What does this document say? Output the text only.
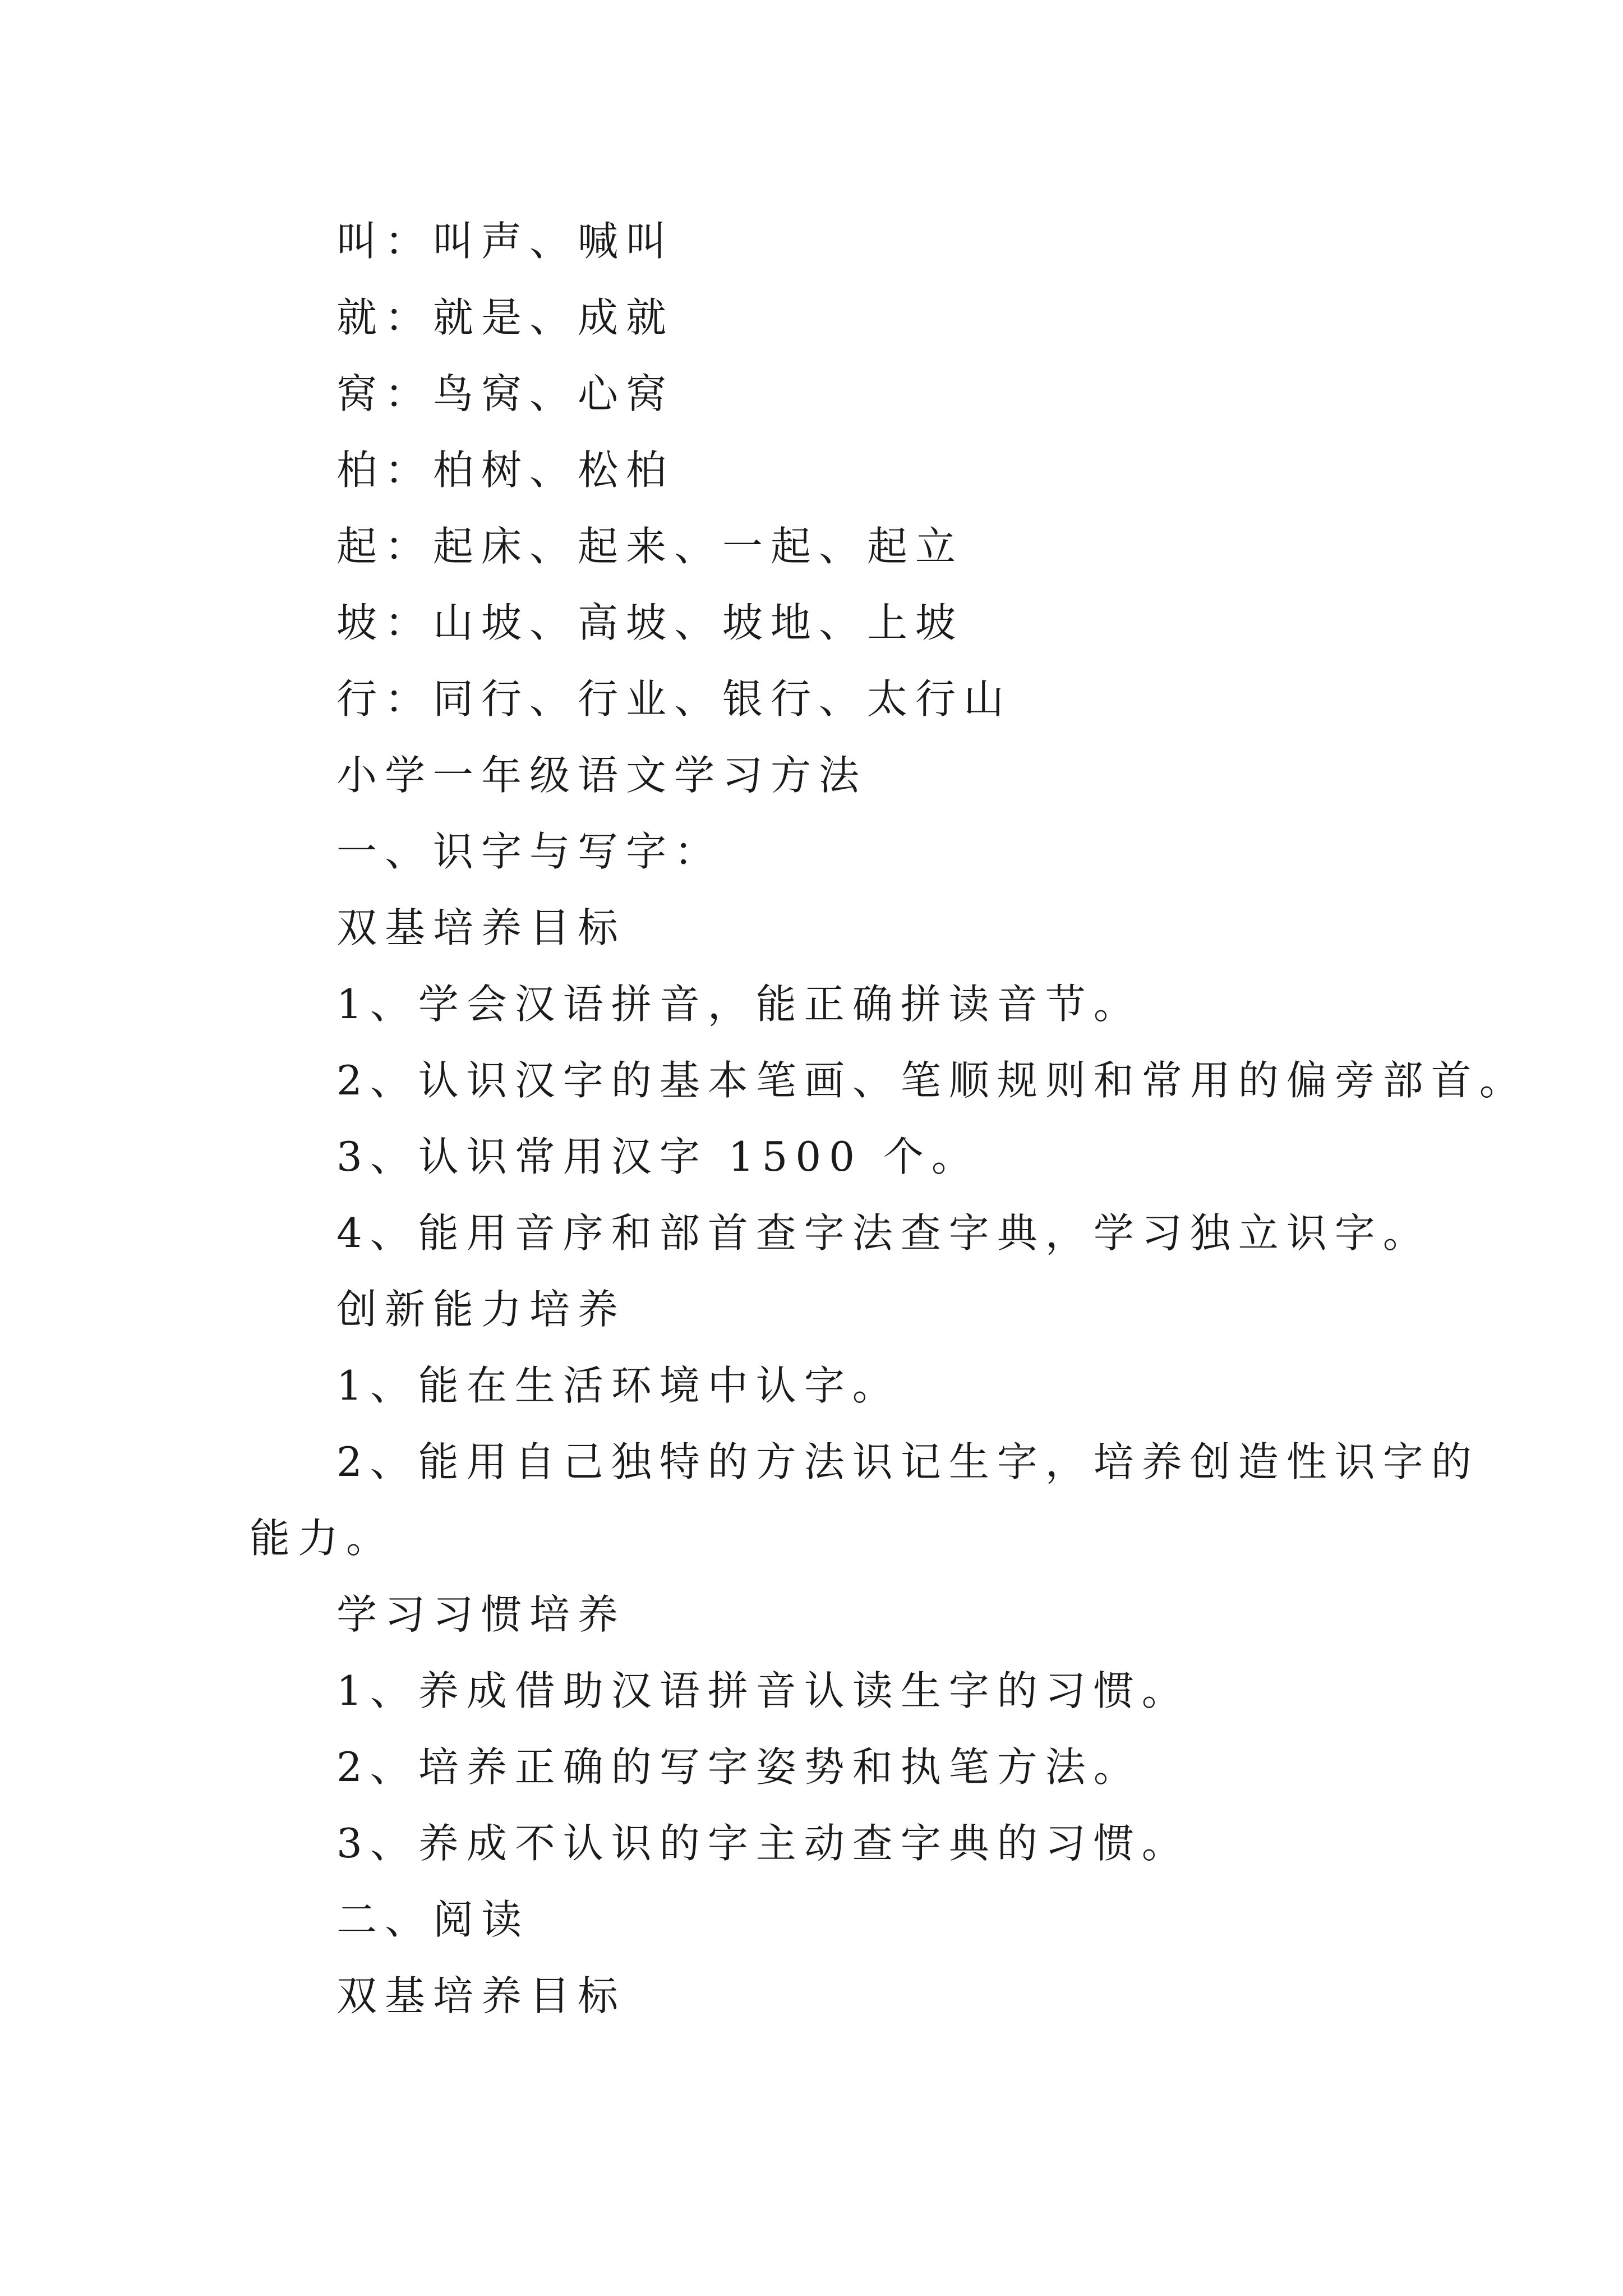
叫：叫声、喊叫
就：就是、成就
窝：鸟窝、心窝
柏：柏树、松柏
起：起床、起来、一起、起立
坡：山坡、高坡、坡地、上坡
行：同行、行业、银行、太行山
小学一年级语文学习方法
一、识字与写字：
双基培养目标
1、学会汉语拼音，能正确拼读音节。
2、认识汉字的基本笔画、笔顺规则和常用的偏旁部首。
3、认识常用汉字 1500 个。
4、能用音序和部首查字法查字典，学习独立识字。
创新能力培养
1、能在生活环境中认字。
2、能用自己独特的方法识记生字，培养创造性识字的
能力。
学习习惯培养
1、养成借助汉语拼音认读生字的习惯。
2、培养正确的写字姿势和执笔方法。
3、养成不认识的字主动查字典的习惯。
二、阅读
双基培养目标
